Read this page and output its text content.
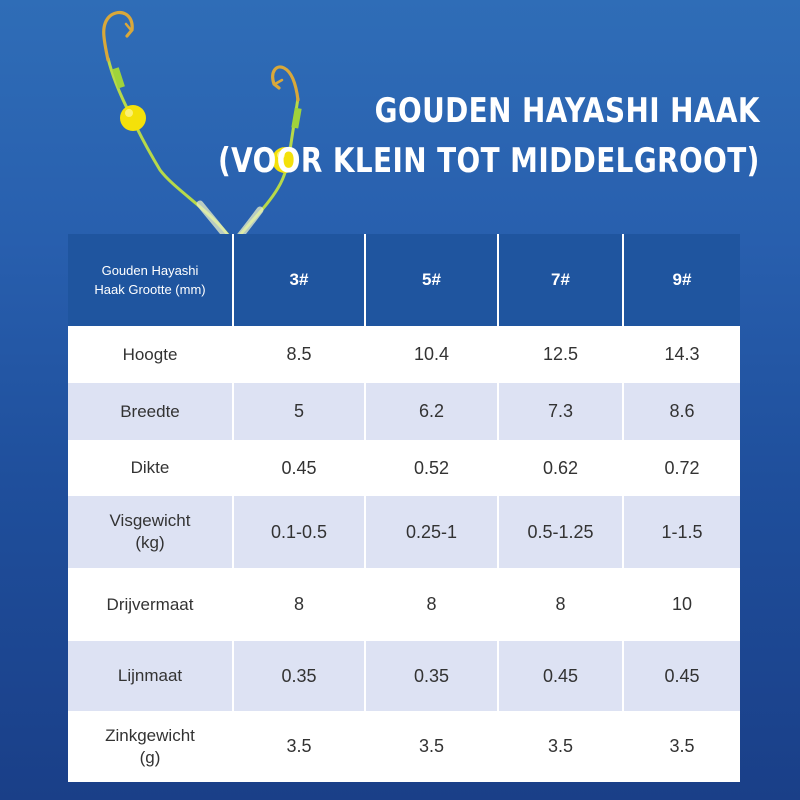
GOUDEN HAYASHI HAAK
(VOOR KLEIN TOT MIDDELGROOT)
Gouden Hayashi
Haak Grootte (mm)	3#	5#	7#	9#

Hoogte	8.5	10.4	12.5	14.3

Breedte	5	6.2	7.3	8.6

Dikte	0.45	0.52	0.62	0.72

Visgewicht
(kg)	0.1-0.5	0.25-1	0.5-1.25	1-1.5

Drijvermaat	8	8	8	10

Lijnmaat	0.35	0.35	0.45	0.45

Zinkgewicht
(g)	3.5	3.5	3.5	3.5
